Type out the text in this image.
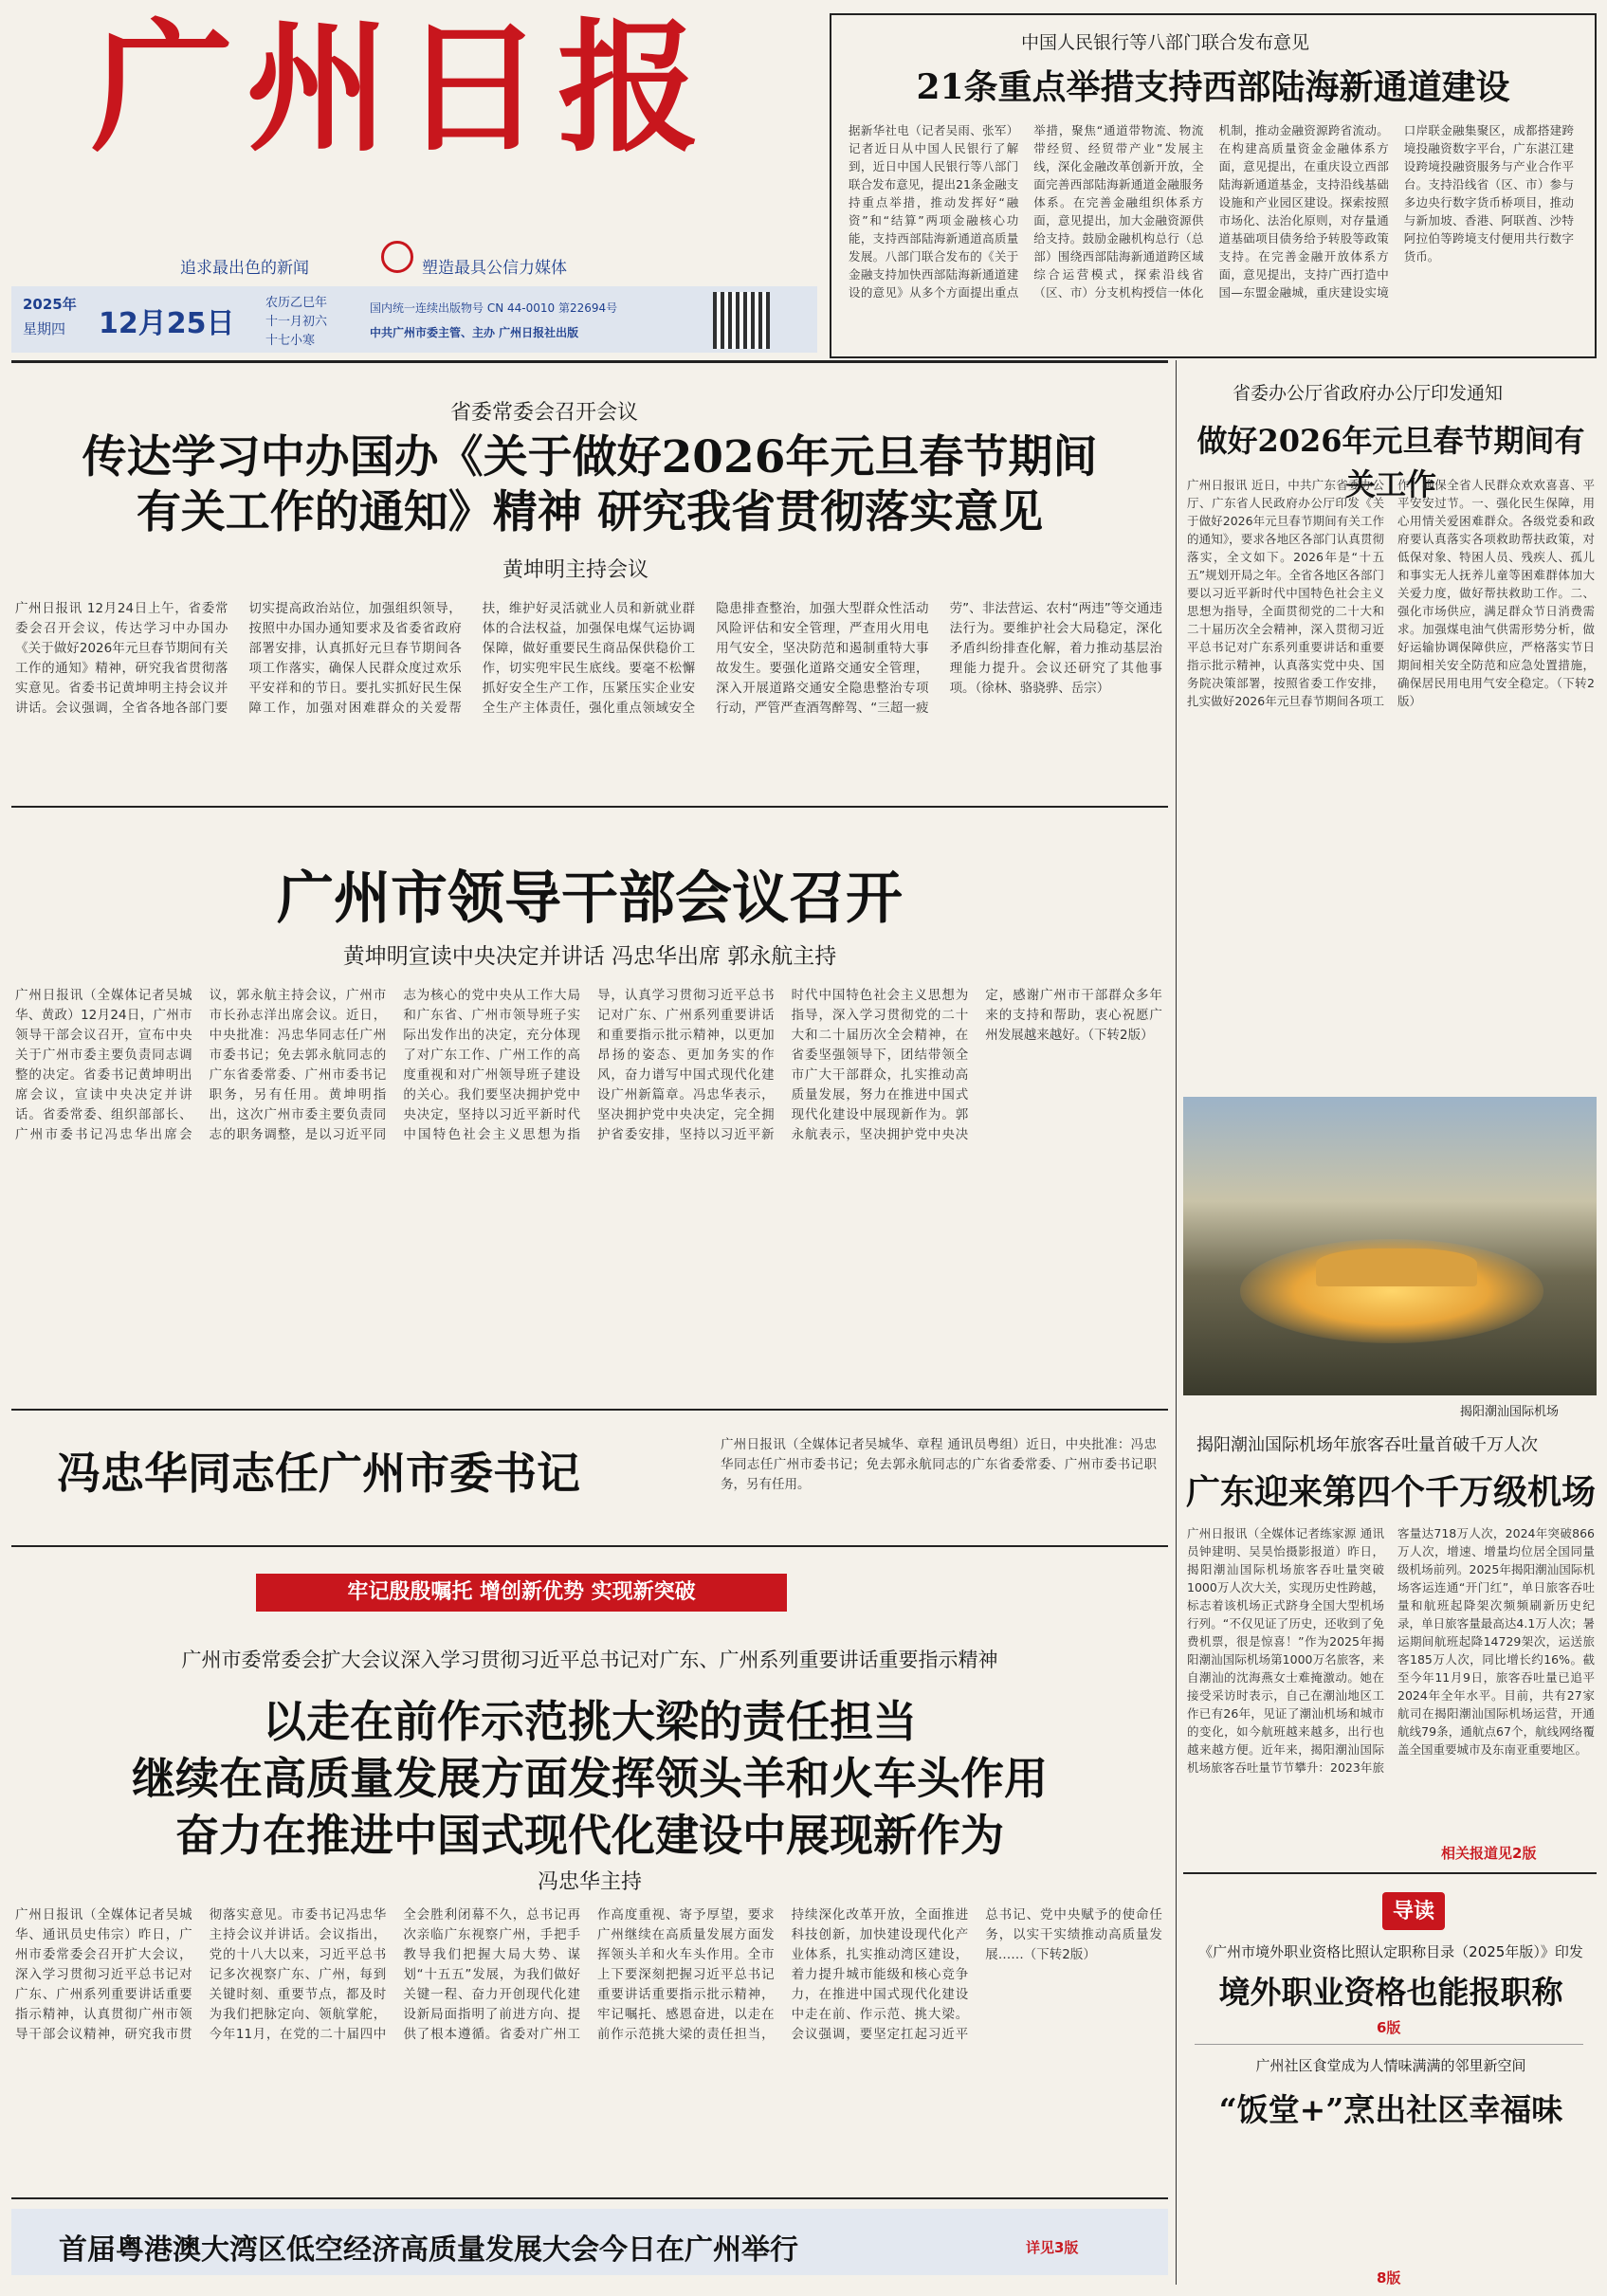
广州日报
追求最出色的新闻	塑造最具公信力媒体
2025年
星期四 12月25日
农历乙巳年
十一月初六
十七小寒
国内统一连续出版物号 CN 44-0010 第22694号
中共广州市委主管、主办 广州日报社出版
中国人民银行等八部门联合发布意见
21条重点举措支持西部陆海新通道建设
据新华社电（记者吴雨、张军）记者近日从中国人民银行了解到，近日中国人民银行等八部门联合发布意见，提出21条金融支持重点举措，推动发挥好“融资”和“结算”两项金融核心功能，支持西部陆海新通道高质量发展。八部门联合发布的《关于金融支持加快西部陆海新通道建设的意见》从多个方面提出重点举措，聚焦“通道带物流、物流带经贸、经贸带产业”发展主线，深化金融改革创新开放，全面完善西部陆海新通道金融服务体系。在完善金融组织体系方面，意见提出，加大金融资源供给支持。鼓励金融机构总行（总部）围绕西部陆海新通道跨区域综合运营模式，探索沿线省（区、市）分支机构授信一体化机制，推动金融资源跨省流动。在构建高质量资金金融体系方面，意见提出，在重庆设立西部陆海新通道基金，支持沿线基础设施和产业园区建设。探索按照市场化、法治化原则，对存量通道基础项目债务给予转股等政策支持。在完善金融开放体系方面，意见提出，支持广西打造中国—东盟金融城，重庆建设实境口岸联金融集聚区，成都搭建跨境投融资数字平台，广东湛江建设跨境投融资服务与产业合作平台。支持沿线省（区、市）参与多边央行数字货币桥项目，推动与新加坡、香港、阿联酋、沙特阿拉伯等跨境支付便用共行数字货币。
省委常委会召开会议
传达学习中办国办《关于做好2026年元旦春节期间
有关工作的通知》精神 研究我省贯彻落实意见
黄坤明主持会议
广州日报讯 12月24日上午，省委常委会召开会议，传达学习中办国办《关于做好2026年元旦春节期间有关工作的通知》精神，研究我省贯彻落实意见。省委书记黄坤明主持会议并讲话。会议强调，全省各地各部门要切实提高政治站位，加强组织领导，按照中办国办通知要求及省委省政府部署安排，认真抓好元旦春节期间各项工作落实，确保人民群众度过欢乐平安祥和的节日。要扎实抓好民生保障工作，加强对困难群众的关爱帮扶，维护好灵活就业人员和新就业群体的合法权益，加强保电煤气运协调保障，做好重要民生商品保供稳价工作，切实兜牢民生底线。要毫不松懈抓好安全生产工作，压紧压实企业安全生产主体责任，强化重点领域安全隐患排查整治，加强大型群众性活动风险评估和安全管理，严查用火用电用气安全，坚决防范和遏制重特大事故发生。要强化道路交通安全管理，深入开展道路交通安全隐患整治专项行动，严管严查酒驾醉驾、“三超一疲劳”、非法营运、农村“两违”等交通违法行为。要维护社会大局稳定，深化矛盾纠纷排查化解，着力推动基层治理能力提升。会议还研究了其他事项。（徐林、骆骁骅、岳宗）
广州市领导干部会议召开
黄坤明宣读中央决定并讲话 冯忠华出席 郭永航主持
广州日报讯（全媒体记者吴城华、黄政）12月24日，广州市领导干部会议召开，宣布中央关于广州市委主要负责同志调整的决定。省委书记黄坤明出席会议，宣读中央决定并讲话。省委常委、组织部部长、广州市委书记冯忠华出席会议，郭永航主持会议，广州市市长孙志洋出席会议。近日，中央批准：冯忠华同志任广州市委书记；免去郭永航同志的广东省委常委、广州市委书记职务，另有任用。黄坤明指出，这次广州市委主要负责同志的职务调整，是以习近平同志为核心的党中央从工作大局和广东省、广州市领导班子实际出发作出的决定，充分体现了对广东工作、广州工作的高度重视和对广州领导班子建设的关心。我们要坚决拥护党中央决定，坚持以习近平新时代中国特色社会主义思想为指导，认真学习贯彻习近平总书记对广东、广州系列重要讲话和重要指示批示精神，以更加昂扬的姿态、更加务实的作风，奋力谱写中国式现代化建设广州新篇章。冯忠华表示，坚决拥护党中央决定，完全拥护省委安排，坚持以习近平新时代中国特色社会主义思想为指导，深入学习贯彻党的二十大和二十届历次全会精神，在省委坚强领导下，团结带领全市广大干部群众，扎实推动高质量发展，努力在推进中国式现代化建设中展现新作为。郭永航表示，坚决拥护党中央决定，感谢广州市干部群众多年来的支持和帮助，衷心祝愿广州发展越来越好。（下转2版）
冯忠华同志任广州市委书记
广州日报讯（全媒体记者吴城华、章程 通讯员粤组）近日，中央批准：冯忠华同志任广州市委书记；免去郭永航同志的广东省委常委、广州市委书记职务，另有任用。
牢记殷殷嘱托 增创新优势 实现新突破
广州市委常委会扩大会议深入学习贯彻习近平总书记对广东、广州系列重要讲话重要指示精神
以走在前作示范挑大梁的责任担当
继续在高质量发展方面发挥领头羊和火车头作用
奋力在推进中国式现代化建设中展现新作为
冯忠华主持
广州日报讯（全媒体记者吴城华、通讯员史伟宗）昨日，广州市委常委会召开扩大会议，深入学习贯彻习近平总书记对广东、广州系列重要讲话重要指示精神，认真贯彻广州市领导干部会议精神，研究我市贯彻落实意见。市委书记冯忠华主持会议并讲话。会议指出，党的十八大以来，习近平总书记多次视察广东、广州，每到关键时刻、重要节点，都及时为我们把脉定向、领航掌舵，今年11月，在党的二十届四中全会胜利闭幕不久，总书记再次亲临广东视察广州，手把手教导我们把握大局大势、谋划“十五五”发展，为我们做好关键一程、奋力开创现代化建设新局面指明了前进方向、提供了根本遵循。省委对广州工作高度重视、寄予厚望，要求广州继续在高质量发展方面发挥领头羊和火车头作用。全市上下要深刻把握习近平总书记重要讲话重要指示批示精神，牢记嘱托、感恩奋进，以走在前作示范挑大梁的责任担当，持续深化改革开放，全面推进科技创新，加快建设现代化产业体系，扎实推动湾区建设，着力提升城市能级和核心竞争力，在推进中国式现代化建设中走在前、作示范、挑大梁。会议强调，要坚定扛起习近平总书记、党中央赋予的使命任务，以实干实绩推动高质量发展……（下转2版）
首届粤港澳大湾区低空经济高质量发展大会今日在广州举行	详见3版
省委办公厅省政府办公厅印发通知
做好2026年元旦春节期间有关工作
广州日报讯 近日，中共广东省委办公厅、广东省人民政府办公厅印发《关于做好2026年元旦春节期间有关工作的通知》，要求各地区各部门认真贯彻落实，全文如下。2026年是“十五五”规划开局之年。全省各地区各部门要以习近平新时代中国特色社会主义思想为指导，全面贯彻党的二十大和二十届历次全会精神，深入贯彻习近平总书记对广东系列重要讲话和重要指示批示精神，认真落实党中央、国务院决策部署，按照省委工作安排，扎实做好2026年元旦春节期间各项工作，确保全省人民群众欢欢喜喜、平平安安过节。一、强化民生保障，用心用情关爱困难群众。各级党委和政府要认真落实各项救助帮扶政策，对低保对象、特困人员、残疾人、孤儿和事实无人抚养儿童等困难群体加大关爱力度，做好帮扶救助工作。二、强化市场供应，满足群众节日消费需求。加强煤电油气供需形势分析，做好运输协调保障供应，严格落实节日期间相关安全防范和应急处置措施，确保居民用电用气安全稳定。（下转2版）
揭阳潮汕国际机场
揭阳潮汕国际机场年旅客吞吐量首破千万人次
广东迎来第四个千万级机场
广州日报讯（全媒体记者练家源 通讯员钟建明、吴昊怡摄影报道）昨日，揭阳潮汕国际机场旅客吞吐量突破1000万人次大关，实现历史性跨越，标志着该机场正式跻身全国大型机场行列。“不仅见证了历史，还收到了免费机票，很是惊喜！”作为2025年揭阳潮汕国际机场第1000万名旅客，来自潮汕的沈海燕女士难掩激动。她在接受采访时表示，自己在潮汕地区工作已有26年，见证了潮汕机场和城市的变化，如今航班越来越多，出行也越来越方便。近年来，揭阳潮汕国际机场旅客吞吐量节节攀升：2023年旅客量达718万人次，2024年突破866万人次，增速、增量均位居全国同量级机场前列。2025年揭阳潮汕国际机场客运连通“开门红”，单日旅客吞吐量和航班起降架次频频刷新历史纪录，单日旅客量最高达4.1万人次；暑运期间航班起降14729架次，运送旅客185万人次，同比增长约16%。截至今年11月9日，旅客吞吐量已追平2024年全年水平。目前，共有27家航司在揭阳潮汕国际机场运营，开通航线79条，通航点67个，航线网络覆盖全国重要城市及东南亚重要地区。
相关报道见2版
导读
《广州市境外职业资格比照认定职称目录（2025年版）》印发
境外职业资格也能报职称
6版
广州社区食堂成为人情味满满的邻里新空间
“饭堂+”烹出社区幸福味
8版
